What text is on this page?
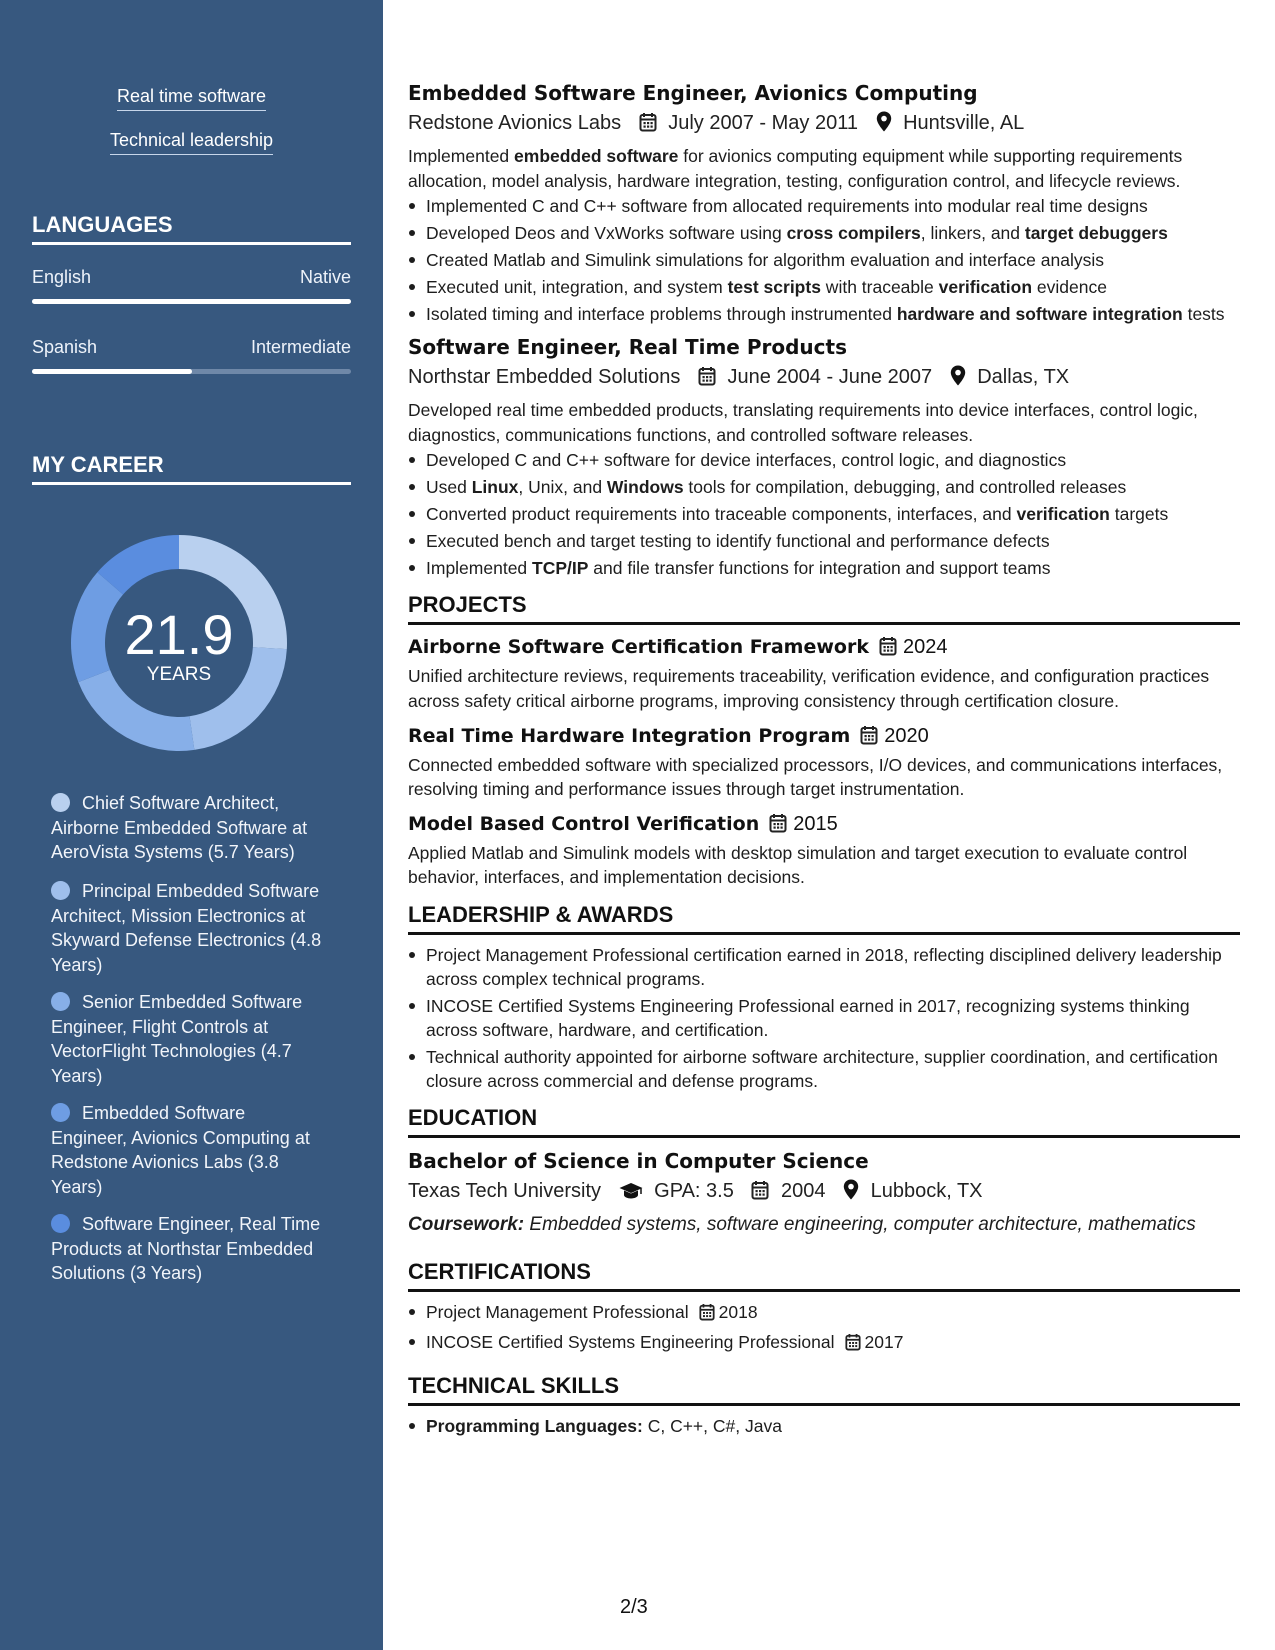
Real time software
Technical leadership
LANGUAGES
English	Native
Spanish	Intermediate
MY CAREER
21.9
YEARS
Chief Software Architect, Airborne Embedded Software at AeroVista Systems (5.7 Years)
Principal Embedded Software Architect, Mission Electronics at Skyward Defense Electronics (4.8 Years)
Senior Embedded Software Engineer, Flight Controls at VectorFlight Technologies (4.7 Years)
Embedded Software Engineer, Avionics Computing at Redstone Avionics Labs (3.8 Years)
Software Engineer, Real Time Products at Northstar Embedded Solutions (3 Years)
Embedded Software Engineer, Avionics Computing
Redstone Avionics Labs July 2007 - May 2011 Huntsville, AL
Implemented embedded software for avionics computing equipment while supporting requirements allocation, model analysis, hardware integration, testing, configuration control, and lifecycle reviews.
Implemented C and C++ software from allocated requirements into modular real time designs
Developed Deos and VxWorks software using cross compilers, linkers, and target debuggers
Created Matlab and Simulink simulations for algorithm evaluation and interface analysis
Executed unit, integration, and system test scripts with traceable verification evidence
Isolated timing and interface problems through instrumented hardware and software integration tests
Software Engineer, Real Time Products
Northstar Embedded Solutions June 2004 - June 2007 Dallas, TX
Developed real time embedded products, translating requirements into device interfaces, control logic, diagnostics, communications functions, and controlled software releases.
Developed C and C++ software for device interfaces, control logic, and diagnostics
Used Linux, Unix, and Windows tools for compilation, debugging, and controlled releases
Converted product requirements into traceable components, interfaces, and verification targets
Executed bench and target testing to identify functional and performance defects
Implemented TCP/IP and file transfer functions for integration and support teams
PROJECTS
Airborne Software Certification Framework 2024
Unified architecture reviews, requirements traceability, verification evidence, and configuration practices across safety critical airborne programs, improving consistency through certification closure.
Real Time Hardware Integration Program 2020
Connected embedded software with specialized processors, I/O devices, and communications interfaces, resolving timing and performance issues through target instrumentation.
Model Based Control Verification 2015
Applied Matlab and Simulink models with desktop simulation and target execution to evaluate control behavior, interfaces, and implementation decisions.
LEADERSHIP & AWARDS
Project Management Professional certification earned in 2018, reflecting disciplined delivery leadership across complex technical programs.
INCOSE Certified Systems Engineering Professional earned in 2017, recognizing systems thinking across software, hardware, and certification.
Technical authority appointed for airborne software architecture, supplier coordination, and certification closure across commercial and defense programs.
EDUCATION
Bachelor of Science in Computer Science
Texas Tech University	GPA: 3.5 2004 Lubbock, TX
Coursework: Embedded systems, software engineering, computer architecture, mathematics
CERTIFICATIONS
Project Management Professional 2018
INCOSE Certified Systems Engineering Professional 2017
TECHNICAL SKILLS
Programming Languages: C, C++, C#, Java
2/3
